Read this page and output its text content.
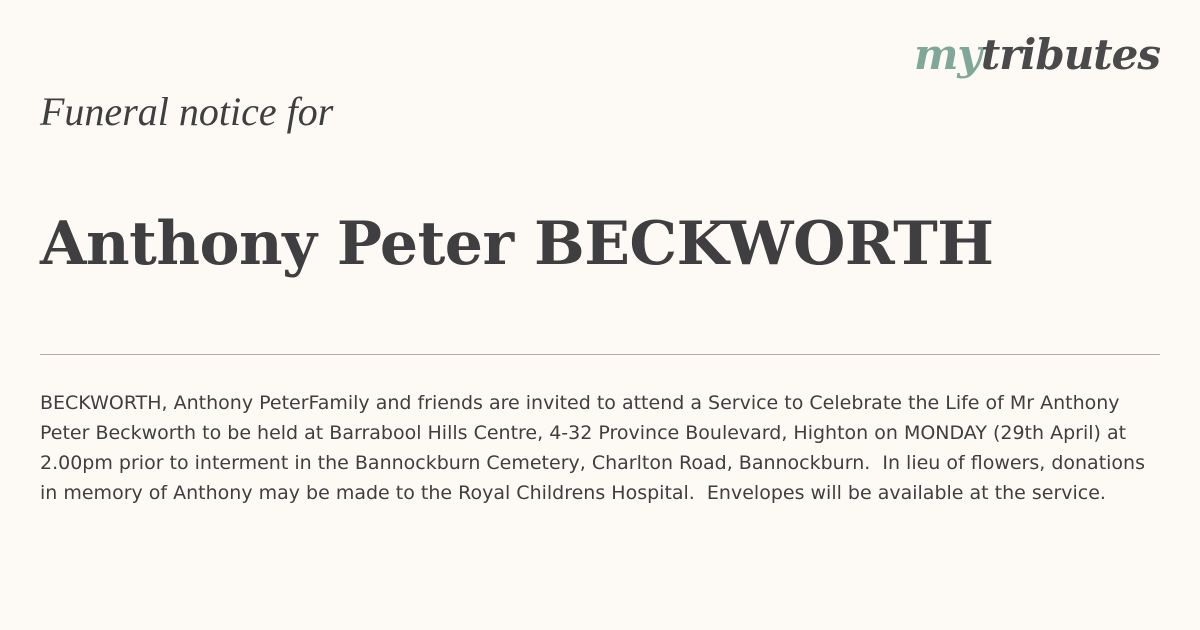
mytributes
Funeral notice for
Anthony Peter BECKWORTH

BECKWORTH, Anthony PeterFamily and friends are invited to attend a Service to Celebrate the Life of Mr Anthony Peter Beckworth to be held at Barrabool Hills Centre, 4-32 Province Boulevard, Highton on MONDAY (29th April) at 2.00pm prior to interment in the Bannockburn Cemetery, Charlton Road, Bannockburn.  In lieu of flowers, donations in memory of Anthony may be made to the Royal Childrens Hospital.  Envelopes will be available at the service.
